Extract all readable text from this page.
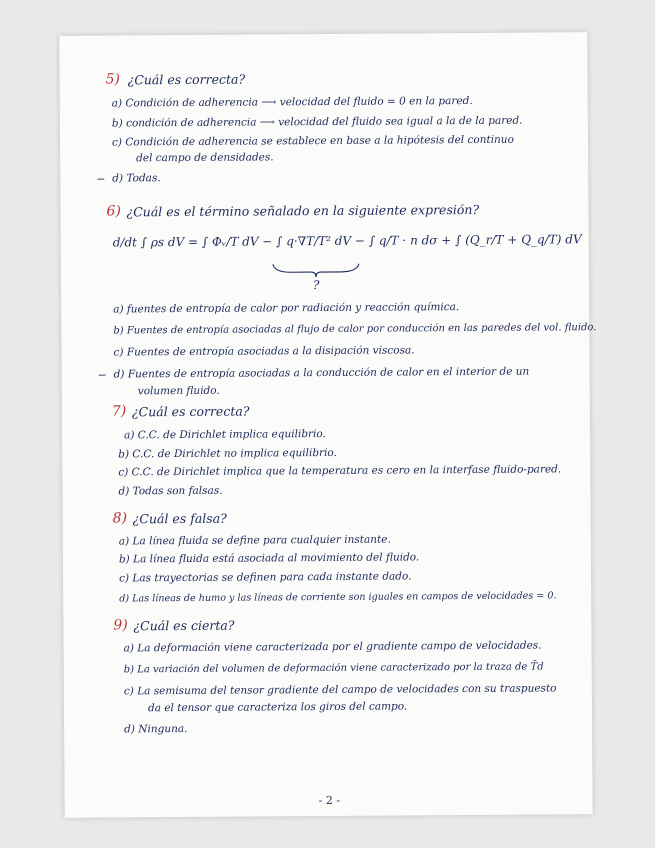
5) ¿Cuál es correcta?
a) Condición de adherencia ⟶ velocidad del fluido = 0 en la pared.
b) condición de adherencia ⟶ velocidad del fluido sea igual a la de la pared.
c) Condición de adherencia se establece en base a la hipótesis del continuo
del campo de densidades.
− d) Todas.
6) ¿Cuál es el término señalado en la siguiente expresión?
d/dt ∫ ρs dV = ∫ Φᵥ/T dV − ∫ q·∇T/T² dV − ∫ q/T · n dσ + ∫ (Q_r/T + Q_q/T) dV
?
a) fuentes de entropía de calor por radiación y reacción química.
b) Fuentes de entropía asociadas al flujo de calor por conducción en las paredes del vol. fluido.
c) Fuentes de entropía asociadas a la disipación viscosa.
− d) Fuentes de entropía asociadas a la conducción de calor en el interior de un
volumen fluido.
7) ¿Cuál es correcta?
a) C.C. de Dirichlet implica equilibrio.
b) C.C. de Dirichlet no implica equilibrio.
c) C.C. de Dirichlet implica que la temperatura es cero en la interfase fluido-pared.
d) Todas son falsas.
8) ¿Cuál es falsa?
a) La línea fluida se define para cualquier instante.
b) La línea fluida está asociada al movimiento del fluido.
c) Las trayectorias se definen para cada instante dado.
d) Las líneas de humo y las líneas de corriente son iguales en campos de velocidades = 0.
9) ¿Cuál es cierta?
a) La deformación viene caracterizada por el gradiente campo de velocidades.
b) La variación del volumen de deformación viene caracterizado por la traza de T̄d
c) La semisuma del tensor gradiente del campo de velocidades con su traspuesto
da el tensor que caracteriza los giros del campo.
d) Ninguna.
- 2 -
